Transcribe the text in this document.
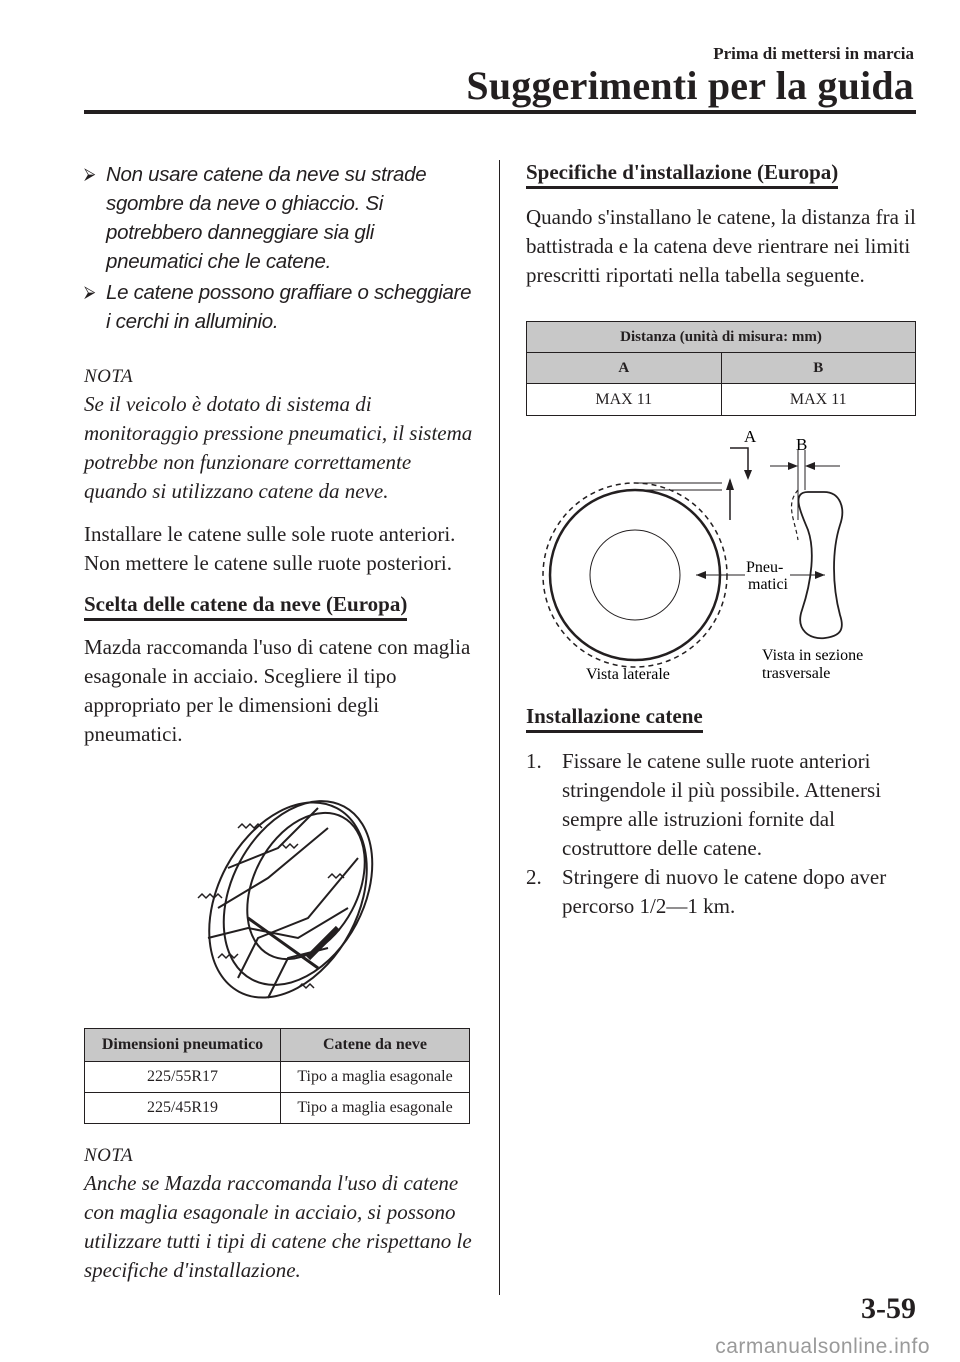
Prima di mettersi in marcia
Suggerimenti per la guida
⮚ Non usare catene da neve su strade sgombre da neve o ghiaccio. Si potrebbero danneggiare sia gli pneumatici che le catene.
⮚ Le catene possono graffiare o scheggiare i cerchi in alluminio.

NOTA

Se il veicolo è dotato di sistema di monitoraggio pressione pneumatici, il sistema potrebbe non funzionare correttamente quando si utilizzano catene da neve.

Installare le catene sulle sole ruote anteriori.

Non mettere le catene sulle ruote posteriori.

Scelta delle catene da neve (Europa)

Mazda raccomanda l'uso di catene con maglia esagonale in acciaio. Scegliere il tipo appropriato per le dimensioni degli pneumatici.

Dimensioni pneumatico	Catene da neve
225/55R17	Tipo a maglia esagonale
225/45R19	Tipo a maglia esagonale

NOTA

Anche se Mazda raccomanda l'uso di catene con maglia esagonale in acciaio, si possono utilizzare tutti i tipi di catene che rispettano le specifiche d'installazione.

Specifiche d'installazione (Europa)

Quando s'installano le catene, la distanza fra il battistrada e la catena deve rientrare nei limiti prescritti riportati nella tabella seguente.

Distanza (unità di misura: mm)	
A	B
MAX 11	MAX 11
A B
Pneu-
matici
Vista laterale
Vista in sezione
trasversale
Installazione catene
1. Fissare le catene sulle ruote anteriori stringendole il più possibile. Attenersi sempre alle istruzioni fornite dal costruttore delle catene.
2. Stringere di nuovo le catene dopo aver percorso 1/2—1 km.
3-59
carmanualsonline.info
